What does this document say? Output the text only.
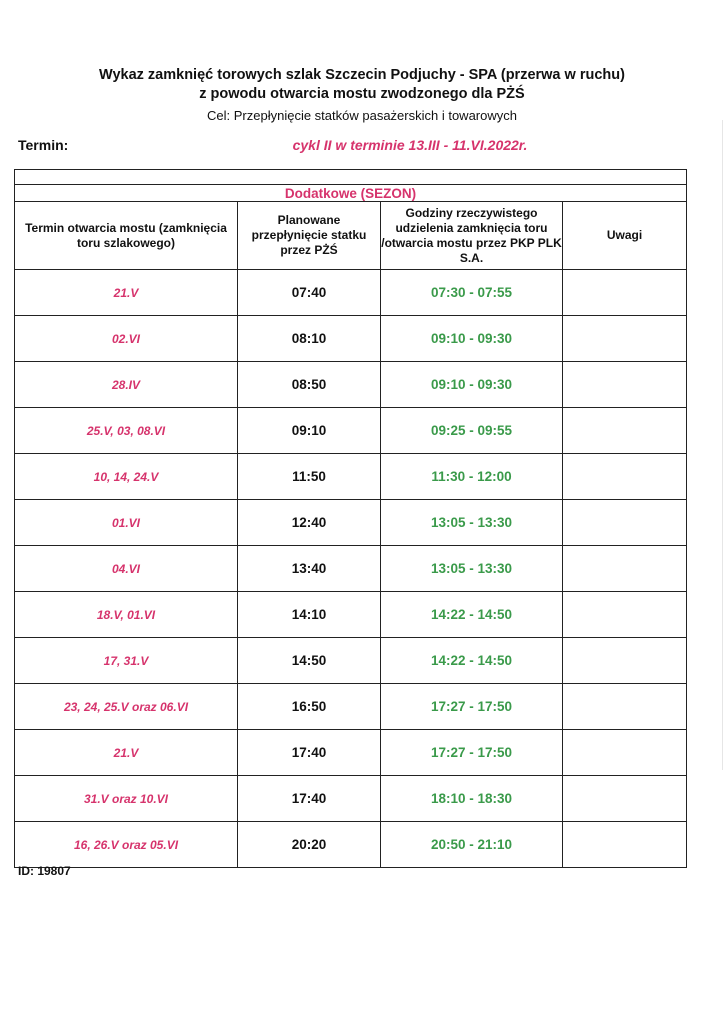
Wykaz zamknięć torowych szlak Szczecin Podjuchy - SPA (przerwa w ruchu)
z powodu otwarcia mostu zwodzonego dla PŻŚ
Cel: Przepłynięcie statków pasażerskich i towarowych
Termin:	cykl II w terminie 13.III - 11.VI.2022r.

Dodatkowe (SEZON)			
Termin otwarcia mostu (zamknięcia toru szlakowego)	Planowane przepłynięcie statku przez PŻŚ	Godziny rzeczywistego udzielenia zamknięcia toru /otwarcia mostu przez PKP PLK S.A.	Uwagi
21.V	07:40	07:30 - 07:55	
02.VI	08:10	09:10 - 09:30	
28.IV	08:50	09:10 - 09:30	
25.V, 03, 08.VI	09:10	09:25 - 09:55	
10, 14, 24.V	11:50	11:30 - 12:00	
01.VI	12:40	13:05 - 13:30	
04.VI	13:40	13:05 - 13:30	
18.V, 01.VI	14:10	14:22 - 14:50	
17, 31.V	14:50	14:22 - 14:50	
23, 24, 25.V oraz 06.VI	16:50	17:27 - 17:50	
21.V	17:40	17:27 - 17:50	
31.V oraz 10.VI	17:40	18:10 - 18:30	
16, 26.V oraz 05.VI	20:20	20:50 - 21:10	
ID: 19807
